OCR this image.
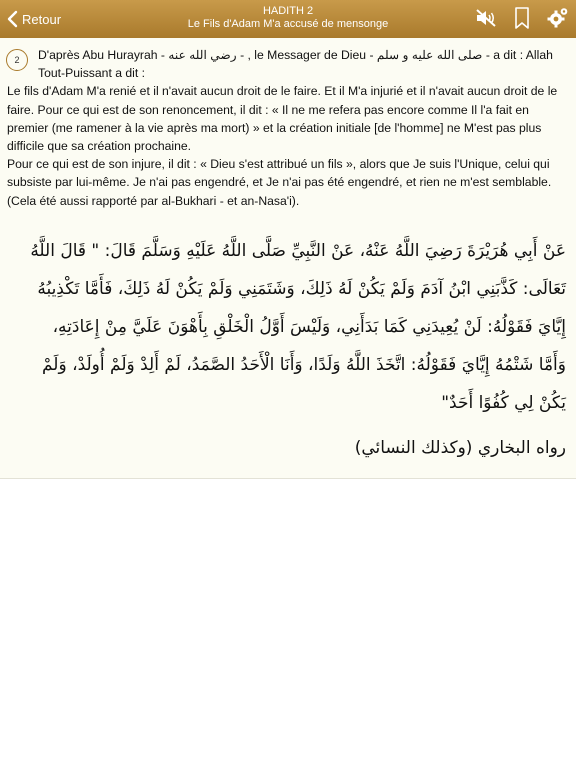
Retour
HADITH 2
Le Fils d'Adam M'a accusé de mensonge
2	D'après Abu Hurayrah - رضي الله عنه - , le Messager de Dieu - صلى الله عليه و سلم - a dit : Allah Tout-Puissant a dit :

Le fils d'Adam M'a renié et il n'avait aucun droit de le faire. Et il M'a injurié et il n'avait aucun droit de le faire. Pour ce qui est de son renoncement, il dit : « Il ne me refera pas encore comme Il l'a fait en premier (me ramener à la vie après ma mort) » et la création initiale [de l'homme] ne M'est pas plus difficile que sa création prochaine.

Pour ce qui est de son injure, il dit : « Dieu s'est attribué un fils », alors que Je suis l'Unique, celui qui subsiste par lui-même. Je n'ai pas engendré, et Je n'ai pas été engendré, et rien ne m'est semblable.

(Cela été aussi rapporté par al-Bukhari - et an-Nasa'i).

عَنْ أَبِي هُرَيْرَةَ رَضِيَ اللَّهُ عَنْهُ، عَنْ النَّبِيِّ صَلَّى اللَّهُ عَلَيْهِ وَسَلَّمَ قَالَ: " قَالَ اللَّهُ تَعَالَى: كَذَّبَنِي ابْنُ آدَمَ وَلَمْ يَكُنْ لَهُ ذَلِكَ، وَشَتَمَنِي وَلَمْ يَكُنْ لَهُ ذَلِكَ، فَأَمَّا تَكْذِيبُهُ إِيَّايَ فَقَوْلُهُ: لَنْ يُعِيدَنِي كَمَا بَدَأَنِي، وَلَيْسَ أَوَّلُ الْخَلْقِ بِأَهْوَنَ عَلَيَّ مِنْ إِعَادَتِهِ، وَأَمَّا شَتْمُهُ إِيَّايَ فَقَوْلُهُ: اتَّخَذَ اللَّهُ وَلَدًا، وَأَنَا الْأَحَدُ الصَّمَدُ، لَمْ أَلِدْ وَلَمْ أُولَدْ، وَلَمْ يَكُنْ لِي كُفُوًا أَحَدٌ"
رواه البخاري (وكذلك النسائي)
